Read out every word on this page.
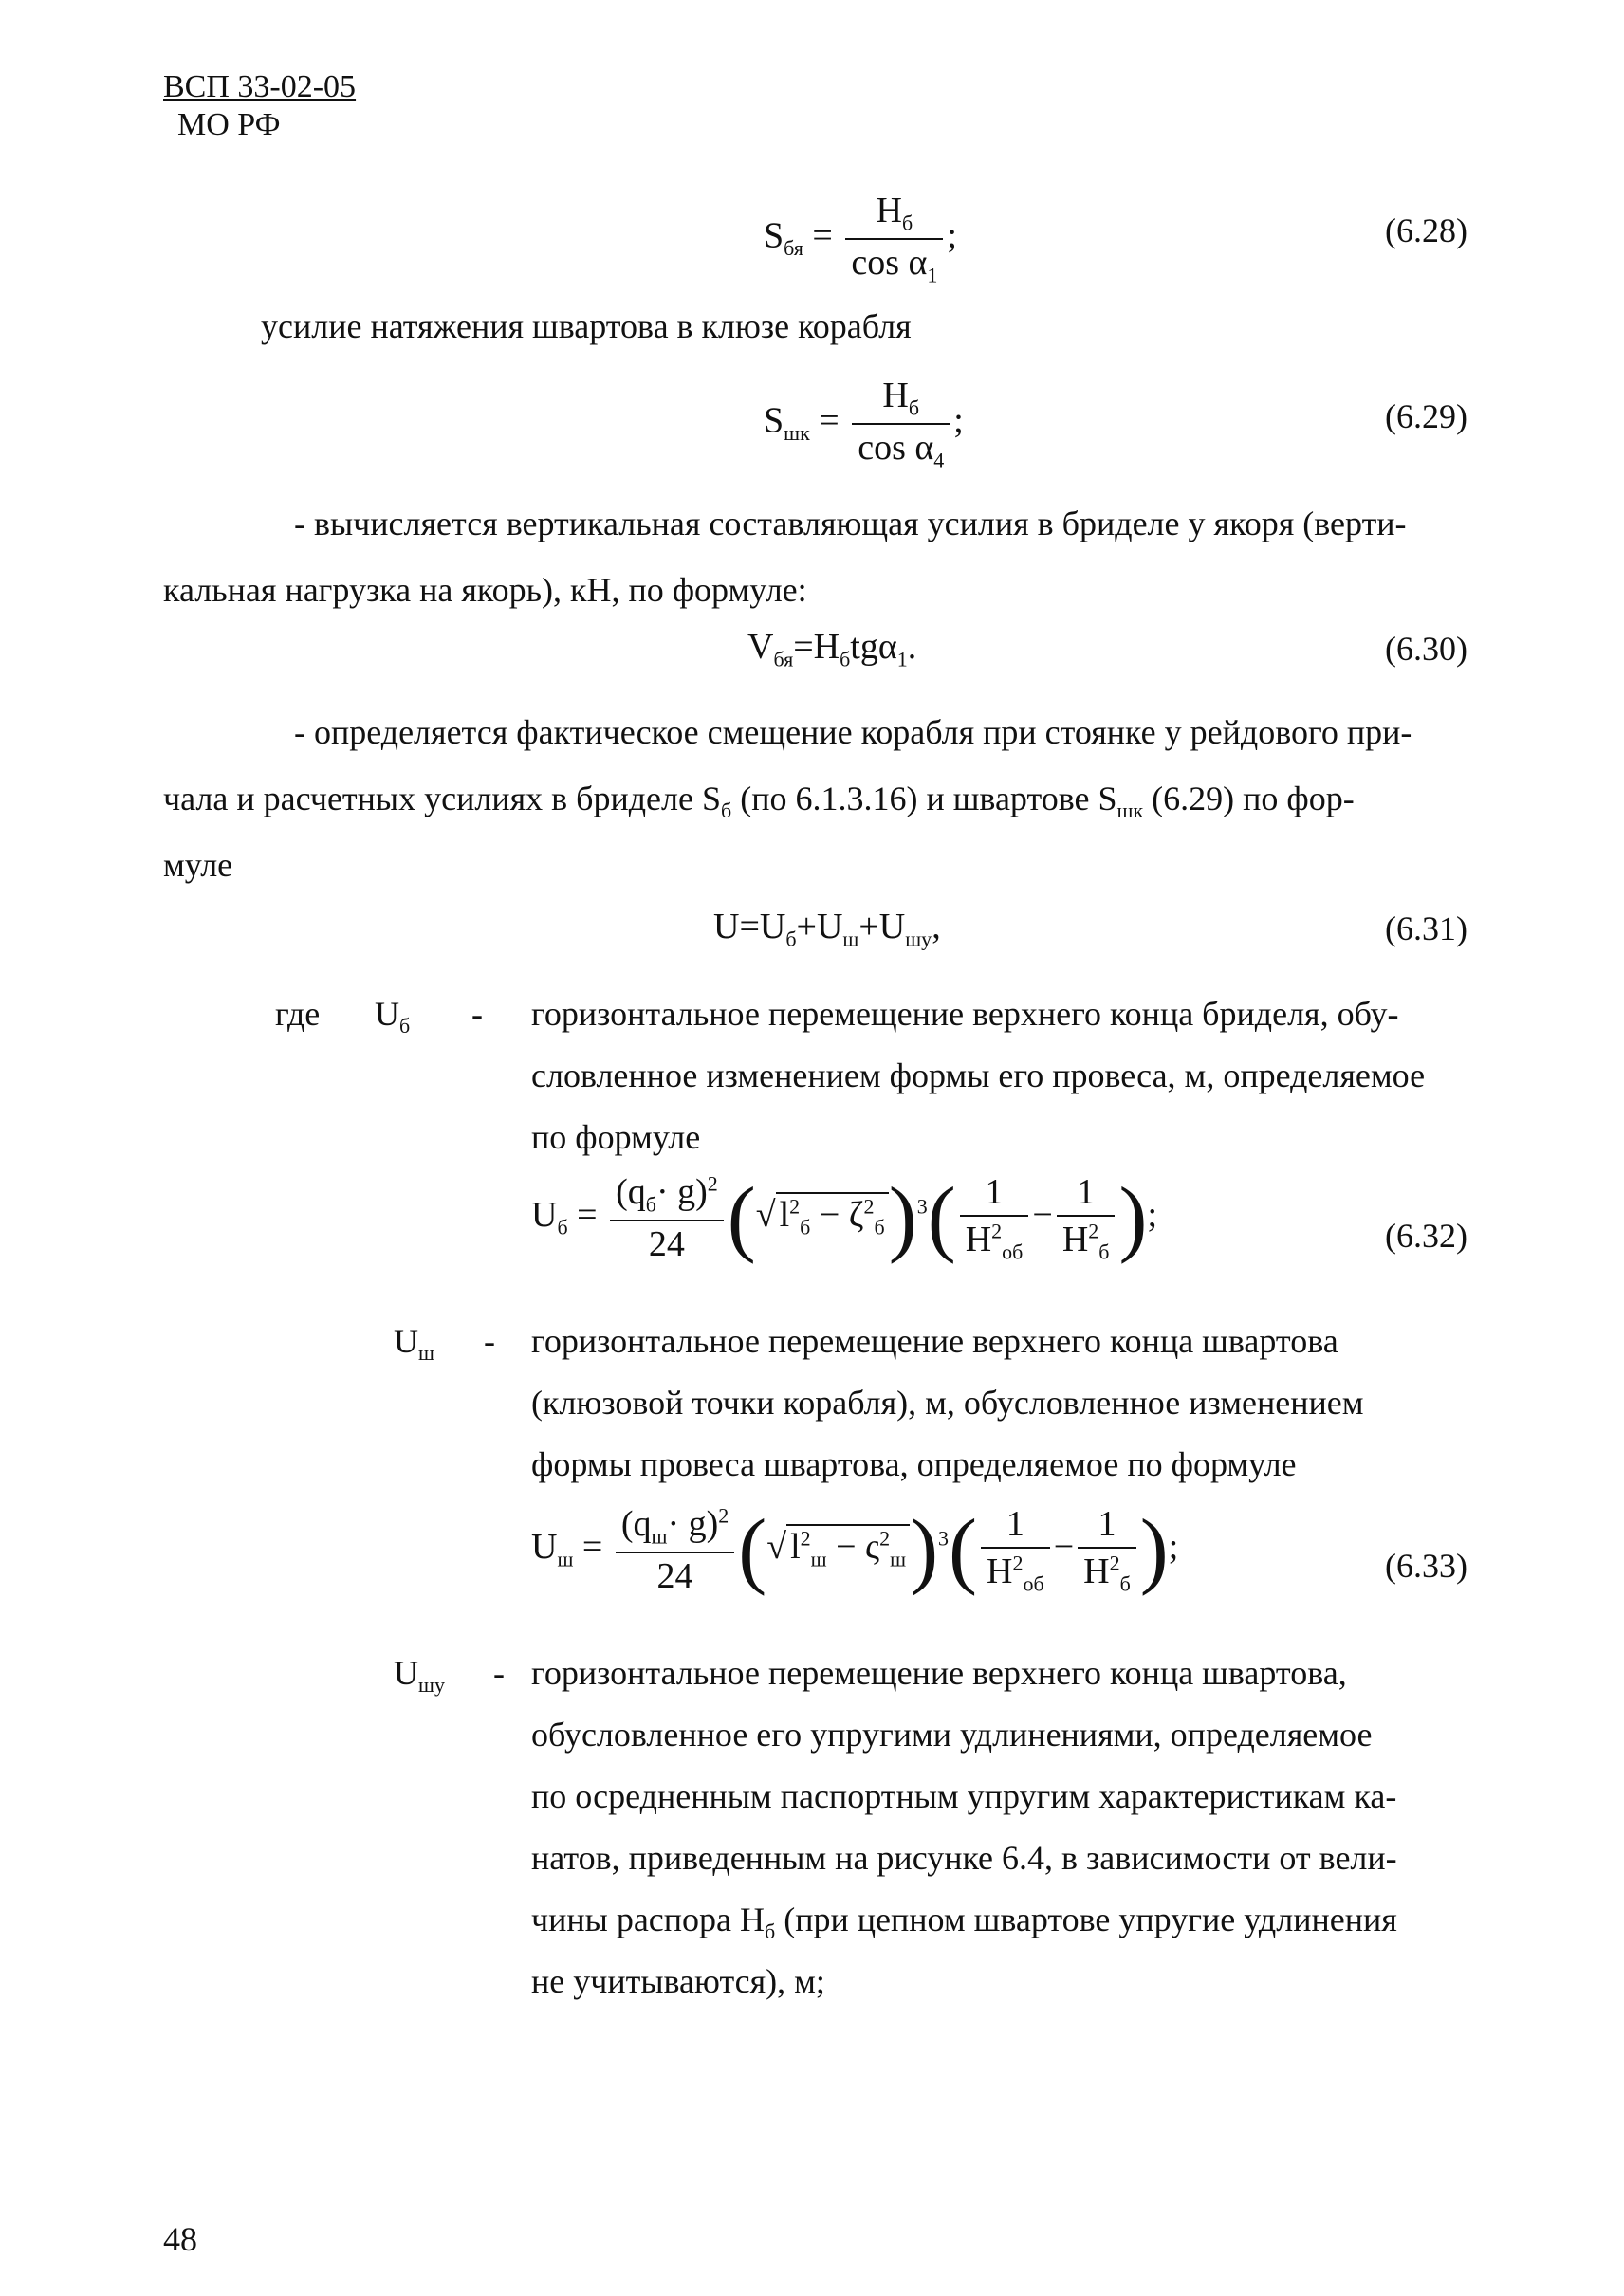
ВСП 33-02-05
МО РФ
$S_{бя} = \frac{H_б}{\cos \alpha_1}$ ;	(6.28)
усилие натяжения швартова в клюзе корабля
$S_{шк} = \frac{H_б}{\cos \alpha_4}$ ;	(6.29)
- вычисляется вертикальная составляющая усилия в бриделе у якоря (верти-
кальная нагрузка на якорь), кН, по формуле:
$V_{бя}=H_бtg\alpha_1$.	(6.30)
- определяется фактическое смещение корабля при стоянке у рейдового при-
чала и расчетных усилиях в бриделе $S_б$ (по 6.1.3.16) и швартове $S_{шк}$ (6.29) по фор-
муле
$U=U_б+U_ш+U_{шу}$,	(6.31)
где $U_б$ - горизонтальное перемещение верхнего конца бриделя, обу-
словленное изменением формы его провеса, м, определяемое
по формуле
$U_б = \frac{(q_б\cdot g)^2}{24}$ (√ $l^2_б - \zeta^2_б)^3( \frac{1}{H^2_{об}} - \frac{1}{H^2_б}$ );
(6.32)
$U_ш$ - горизонтальное перемещение верхнего конца швартова
(клюзовой точки корабля), м, обусловленное изменением
формы провеса швартова, определяемое по формуле
$U_ш = \frac{(q_ш\cdot g)^2}{24}$ (√ $l^2_ш - \varsigma^2_ш)^3( \frac{1}{H^2_{об}} - \frac{1}{H^2_б}$ );	(6.33)
$U_{шу}$ - горизонтальное перемещение верхнего конца швартова,
обусловленное его упругими удлинениями, определяемое
по осредненным паспортным упругим характеристикам ка-
натов, приведенным на рисунке 6.4, в зависимости от вели-
чины распора $H_б$ (при цепном швартове упругие удлинения
не учитываются), м;
48
